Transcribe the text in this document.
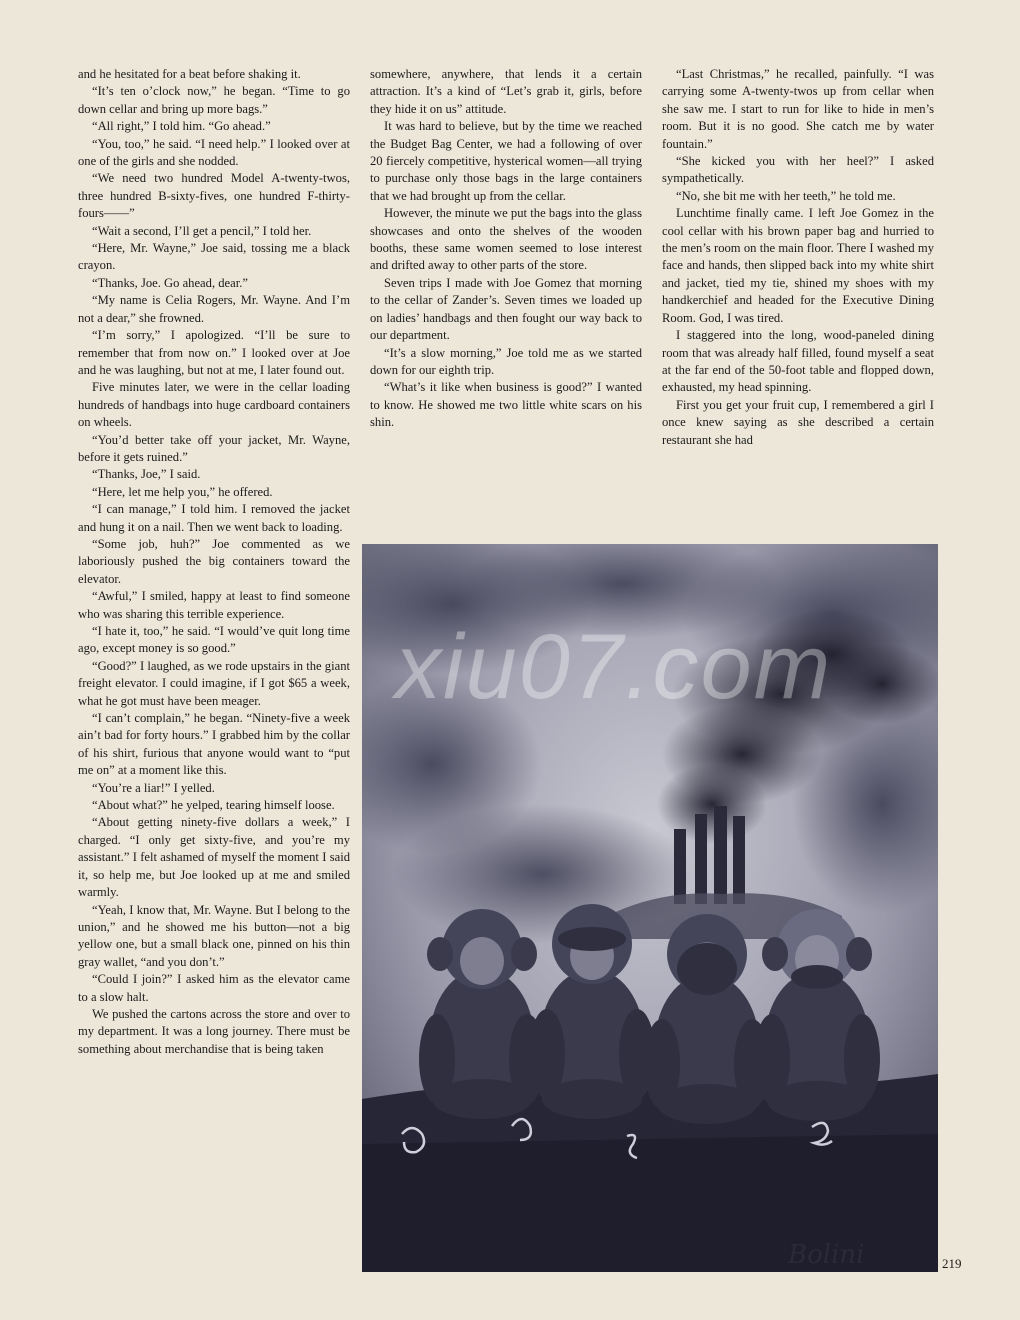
and he hesitated for a beat before shaking it.

“It’s ten o’clock now,” he began. “Time to go down cellar and bring up more bags.”

“All right,” I told him. “Go ahead.”

“You, too,” he said. “I need help.” I looked over at one of the girls and she nodded.

“We need two hundred Model A-twenty-twos, three hundred B-sixty-fives, one hundred F-thirty-fours——”

“Wait a second, I’ll get a pencil,” I told her.

“Here, Mr. Wayne,” Joe said, tossing me a black crayon.

“Thanks, Joe. Go ahead, dear.”

“My name is Celia Rogers, Mr. Wayne. And I’m not a dear,” she frowned.

“I’m sorry,” I apologized. “I’ll be sure to remember that from now on.” I looked over at Joe and he was laughing, but not at me, I later found out.

Five minutes later, we were in the cellar loading hundreds of handbags into huge cardboard containers on wheels.

“You’d better take off your jacket, Mr. Wayne, before it gets ruined.”

“Thanks, Joe,” I said.

“Here, let me help you,” he offered.

“I can manage,” I told him. I removed the jacket and hung it on a nail. Then we went back to loading.

“Some job, huh?” Joe commented as we laboriously pushed the big containers toward the elevator.

“Awful,” I smiled, happy at least to find someone who was sharing this terrible experience.

“I hate it, too,” he said. “I would’ve quit long time ago, except money is so good.”

“Good?” I laughed, as we rode upstairs in the giant freight elevator. I could imagine, if I got $65 a week, what he got must have been meager.

“I can’t complain,” he began. “Ninety-five a week ain’t bad for forty hours.” I grabbed him by the collar of his shirt, furious that anyone would want to “put me on” at a moment like this.

“You’re a liar!” I yelled.

“About what?” he yelped, tearing himself loose.

“About getting ninety-five dollars a week,” I charged. “I only get sixty-five, and you’re my assistant.” I felt ashamed of myself the moment I said it, so help me, but Joe looked up at me and smiled warmly.

“Yeah, I know that, Mr. Wayne. But I belong to the union,” and he showed me his button—not a big yellow one, but a small black one, pinned on his thin gray wallet, “and you don’t.”

“Could I join?” I asked him as the elevator came to a slow halt.

We pushed the cartons across the store and over to my department. It was a long journey. There must be something about merchandise that is being taken

somewhere, anywhere, that lends it a certain attraction. It’s a kind of “Let’s grab it, girls, before they hide it on us” attitude.

It was hard to believe, but by the time we reached the Budget Bag Center, we had a following of over 20 fiercely competitive, hysterical women—all trying to purchase only those bags in the large containers that we had brought up from the cellar.

However, the minute we put the bags into the glass showcases and onto the shelves of the wooden booths, these same women seemed to lose interest and drifted away to other parts of the store.

Seven trips I made with Joe Gomez that morning to the cellar of Zander’s. Seven times we loaded up on ladies’ handbags and then fought our way back to our department.

“It’s a slow morning,” Joe told me as we started down for our eighth trip.

“What’s it like when business is good?” I wanted to know. He showed me two little white scars on his shin.

“Last Christmas,” he recalled, painfully. “I was carrying some A-twenty-twos up from cellar when she saw me. I start to run for like to hide in men’s room. But it is no good. She catch me by water fountain.”

“She kicked you with her heel?” I asked sympathetically.

“No, she bit me with her teeth,” he told me.

Lunchtime finally came. I left Joe Gomez in the cool cellar with his brown paper bag and hurried to the men’s room on the main floor. There I washed my face and hands, then slipped back into my white shirt and jacket, tied my tie, shined my shoes with my handkerchief and headed for the Executive Dining Room. God, I was tired.

I staggered into the long, wood-paneled dining room that was already half filled, found myself a seat at the far end of the 50-foot table and flopped down, exhausted, my head spinning.

First you get your fruit cup, I remembered a girl I once knew saying as she described a certain restaurant she had

xiu07.com
Bolini	219
